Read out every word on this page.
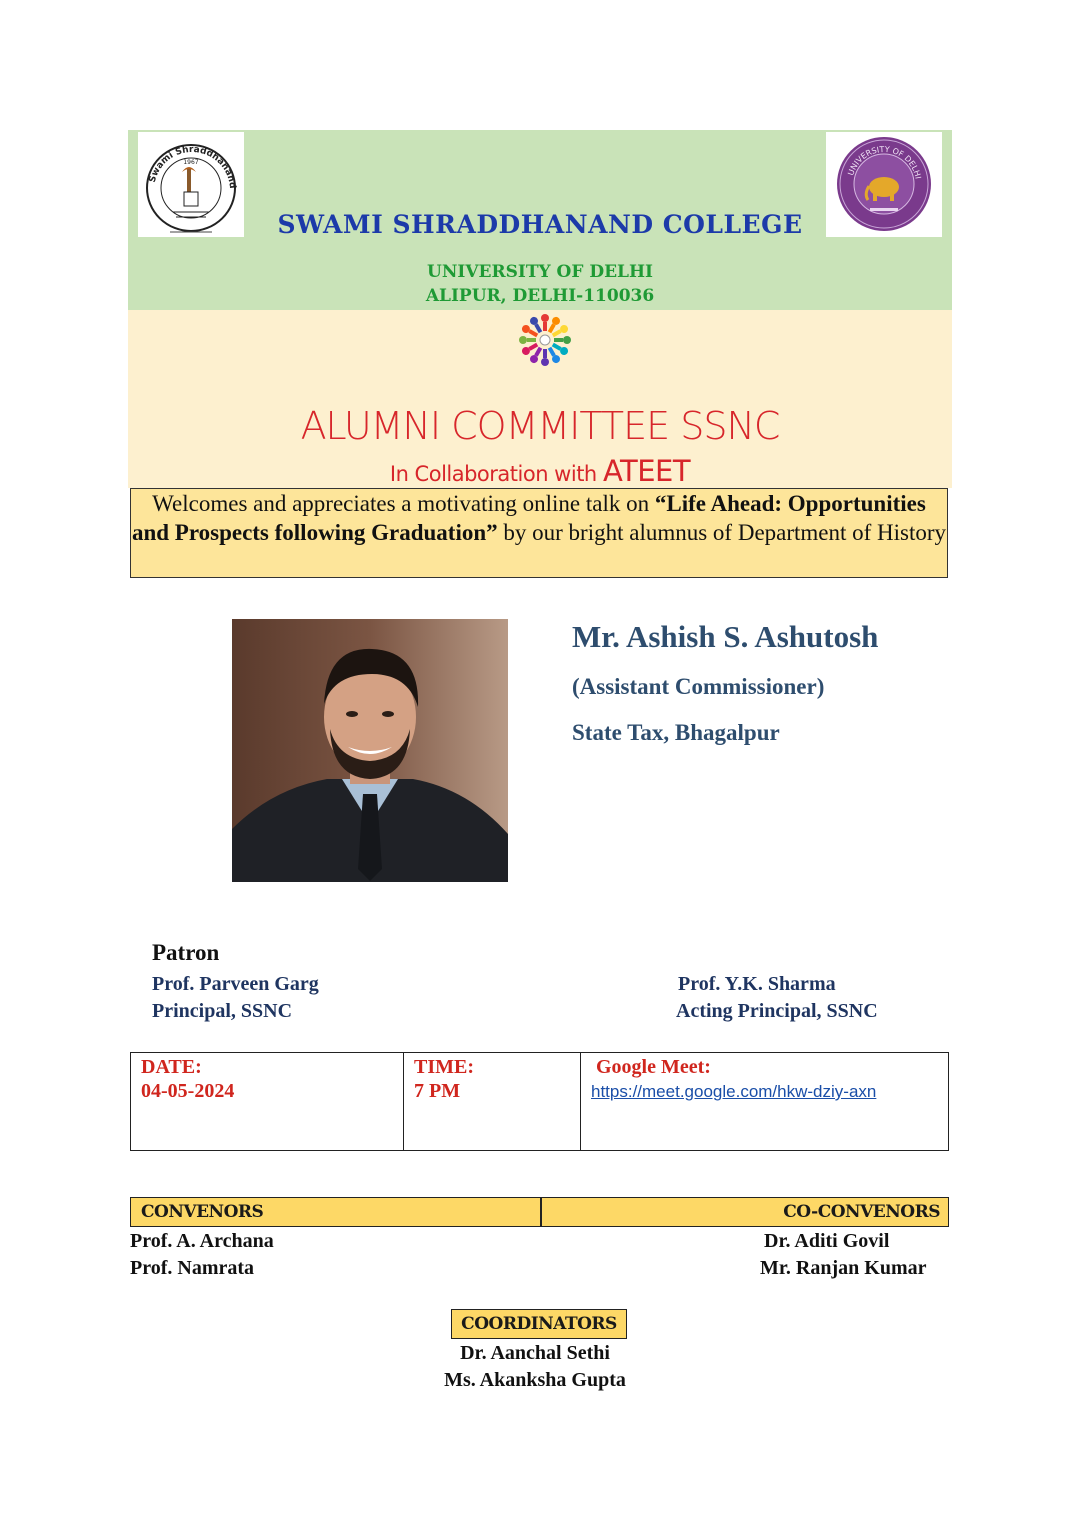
Swami Shraddhanand
1967
UNIVERSITY OF DELHI
SWAMI SHRADDHANAND COLLEGE
UNIVERSITY OF DELHI
ALIPUR, DELHI-110036
ALUMNI COMMITTEE SSNC
In Collaboration with ATEET
Welcomes and appreciates a motivating online talk on “Life Ahead: Opportunities and Prospects following Graduation” by our bright alumnus of Department of History
Mr. Ashish S. Ashutosh
(Assistant Commissioner)
State Tax, Bhagalpur
Patron
Prof. Parveen Garg
Principal, SSNC
Prof. Y.K. Sharma
Acting Principal, SSNC
DATE:
04-05-2024
TIME:
7 PM
Google Meet:
https://meet.google.com/hkw-dziy-axn
CONVENORS	CO-CONVENORS
Prof. A. Archana
Prof. Namrata
Dr. Aditi Govil
Mr. Ranjan Kumar
COORDINATORS
Dr. Aanchal Sethi
Ms. Akanksha Gupta
